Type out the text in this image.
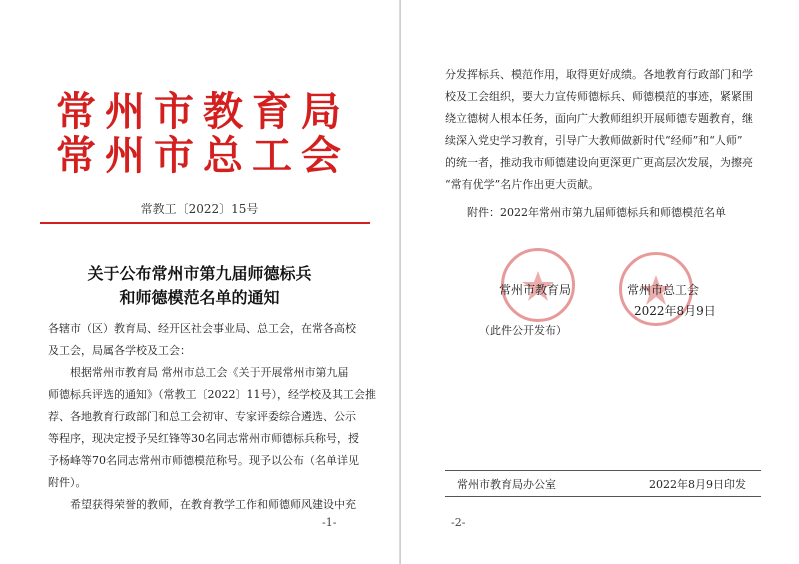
常州市教育局
常州市总工会
常教工〔2022〕15号
关于公布常州市第九届师德标兵
和师德模范名单的通知
各辖市（区）教育局、经开区社会事业局、总工会，在常各高校
及工会，局属各学校及工会：
根据常州市教育局 常州市总工会《关于开展常州市第九届
师德标兵评选的通知》（常教工〔2022〕11号），经学校及其工会推
荐、各地教育行政部门和总工会初审、专家评委综合遴选、公示
等程序，现决定授予吴红锋等30名同志常州市师德标兵称号，授
予杨峰等70名同志常州市师德模范称号。现予以公布（名单详见
附件）。
希望获得荣誉的教师，在教育教学工作和师德师风建设中充
-1-
分发挥标兵、模范作用，取得更好成绩。各地教育行政部门和学
校及工会组织，要大力宣传师德标兵、师德模范的事迹，紧紧围
绕立德树人根本任务，面向广大教师组织开展师德专题教育，继
续深入党史学习教育，引导广大教师做新时代“经师”和“人师”
的统一者，推动我市师德建设向更深更广更高层次发展，为擦亮
“常有优学”名片作出更大贡献。
附件：2022年常州市第九届师德标兵和师德模范名单
常州市教育局	常州市总工会
2022年8月9日
（此件公开发布）
常州市教育局办公室	2022年8月9日印发
-2-
